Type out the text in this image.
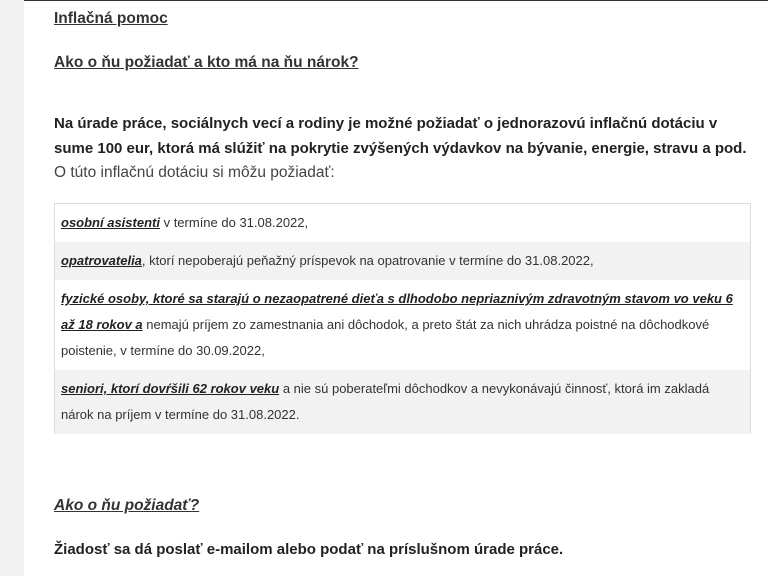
Inflačná pomoc
Ako o ňu požiadať a kto má na ňu nárok?

Na úrade práce, sociálnych vecí a rodiny je možné požiadať o jednorazovú inflačnú dotáciu v sume 100 eur, ktorá má slúžiť na pokrytie zvýšených výdavkov na bývanie, energie, stravu a pod.

O túto inflačnú dotáciu si môžu požiadať:
osobní asistenti v termíne do 31.08.2022,
opatrovatelia, ktorí nepoberajú peňažný príspevok na opatrovanie v termíne do 31.08.2022,
fyzické osoby, ktoré sa starajú o nezaopatrené dieťa s dlhodobo nepriaznivým zdravotným stavom vo veku 6 až 18 rokov a nemajú príjem zo zamestnania ani dôchodok, a preto štát za nich uhrádza poistné na dôchodkové poistenie, v termíne do 30.09.2022,
seniori, ktorí dovŕšili 62 rokov veku a nie sú poberateľmi dôchodkov a nevykonávajú činnosť, ktorá im zakladá nárok na príjem v termíne do 31.08.2022.
Ako o ňu požiadať?
Žiadosť sa dá poslať e-mailom alebo podať na príslušnom úrade práce.
